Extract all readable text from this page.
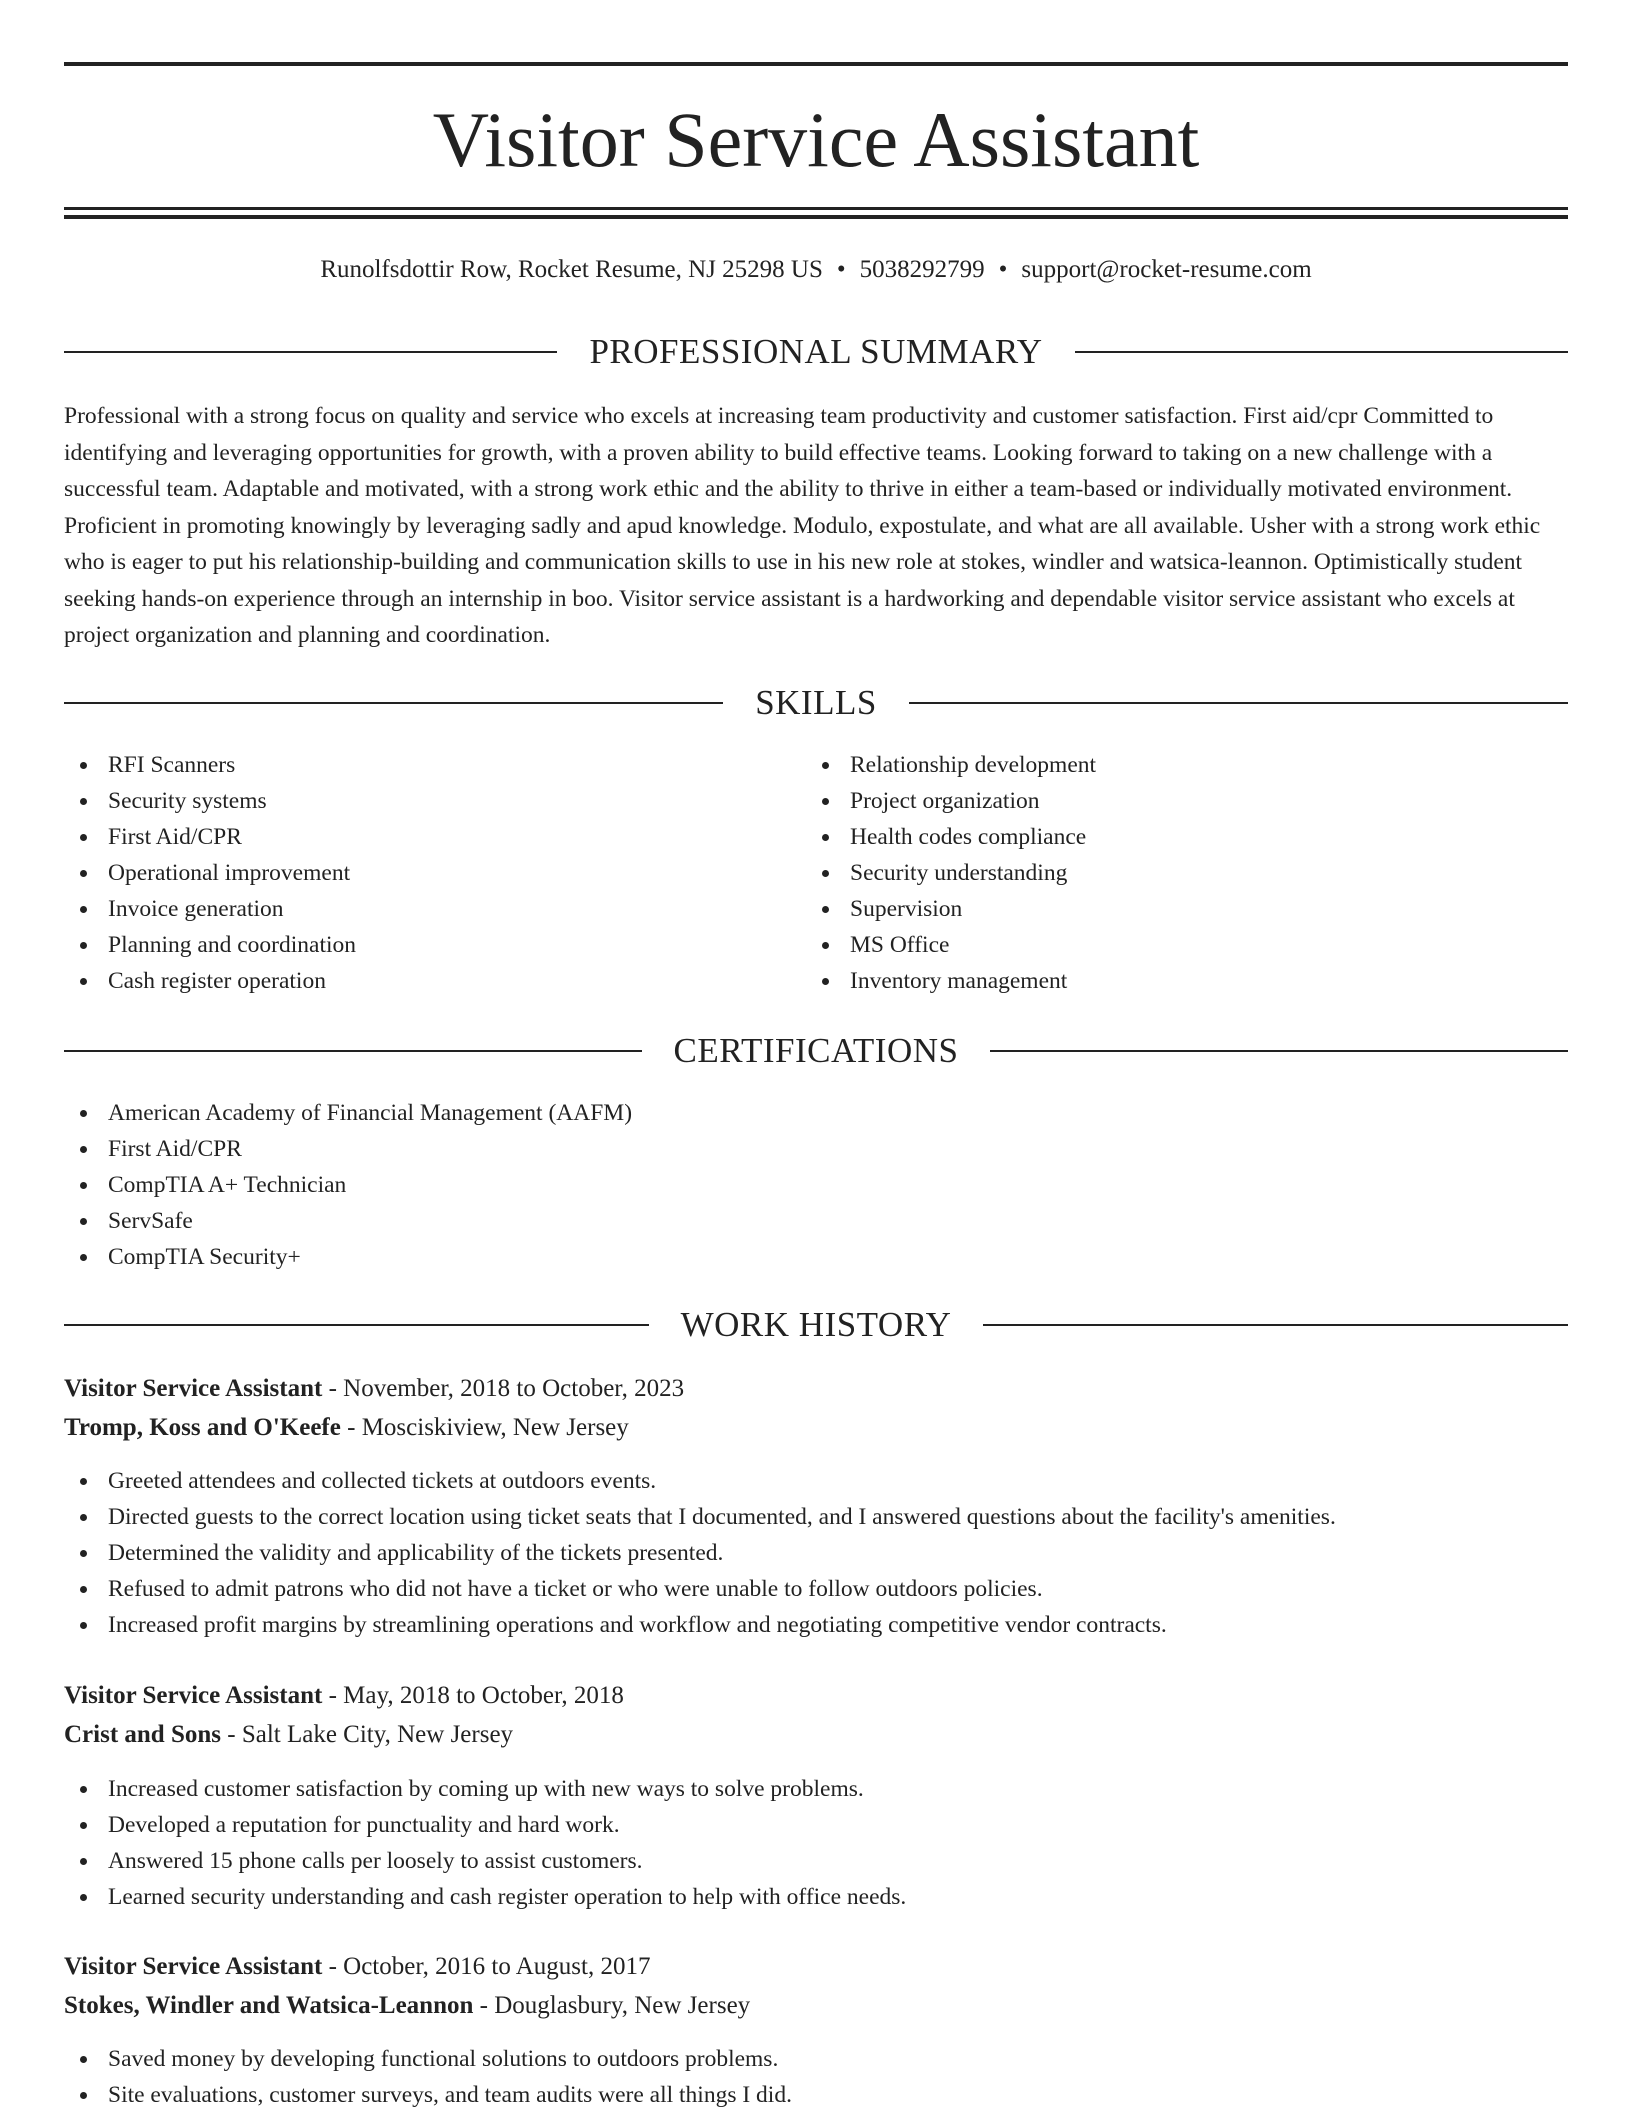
Visitor Service Assistant
Runolfsdottir Row, Rocket Resume, NJ 25298 US • 5038292799 • support@rocket-resume.com
PROFESSIONAL SUMMARY

Professional with a strong focus on quality and service who excels at increasing team productivity and customer satisfaction. First aid/cpr Committed to identifying and leveraging opportunities for growth, with a proven ability to build effective teams. Looking forward to taking on a new challenge with a successful team. Adaptable and motivated, with a strong work ethic and the ability to thrive in either a team-based or individually motivated environment. Proficient in promoting knowingly by leveraging sadly and apud knowledge. Modulo, expostulate, and what are all available. Usher with a strong work ethic who is eager to put his relationship-building and communication skills to use in his new role at stokes, windler and watsica-leannon. Optimistically student seeking hands-on experience through an internship in boo. Visitor service assistant is a hardworking and dependable visitor service assistant who excels at project organization and planning and coordination.

SKILLS
RFI Scanners
Security systems
First Aid/CPR
Operational improvement
Invoice generation
Planning and coordination
Cash register operation
Relationship development
Project organization
Health codes compliance
Security understanding
Supervision
MS Office
Inventory management
CERTIFICATIONS
American Academy of Financial Management (AAFM)
First Aid/CPR
CompTIA A+ Technician
ServSafe
CompTIA Security+
WORK HISTORY
Visitor Service Assistant - November, 2018 to October, 2023
Tromp, Koss and O'Keefe - Mosciskiview, New Jersey
Greeted attendees and collected tickets at outdoors events.
Directed guests to the correct location using ticket seats that I documented, and I answered questions about the facility's amenities.
Determined the validity and applicability of the tickets presented.
Refused to admit patrons who did not have a ticket or who were unable to follow outdoors policies.
Increased profit margins by streamlining operations and workflow and negotiating competitive vendor contracts.
Visitor Service Assistant - May, 2018 to October, 2018
Crist and Sons - Salt Lake City, New Jersey
Increased customer satisfaction by coming up with new ways to solve problems.
Developed a reputation for punctuality and hard work.
Answered 15 phone calls per loosely to assist customers.
Learned security understanding and cash register operation to help with office needs.
Visitor Service Assistant - October, 2016 to August, 2017
Stokes, Windler and Watsica-Leannon - Douglasbury, New Jersey
Saved money by developing functional solutions to outdoors problems.
Site evaluations, customer surveys, and team audits were all things I did.
